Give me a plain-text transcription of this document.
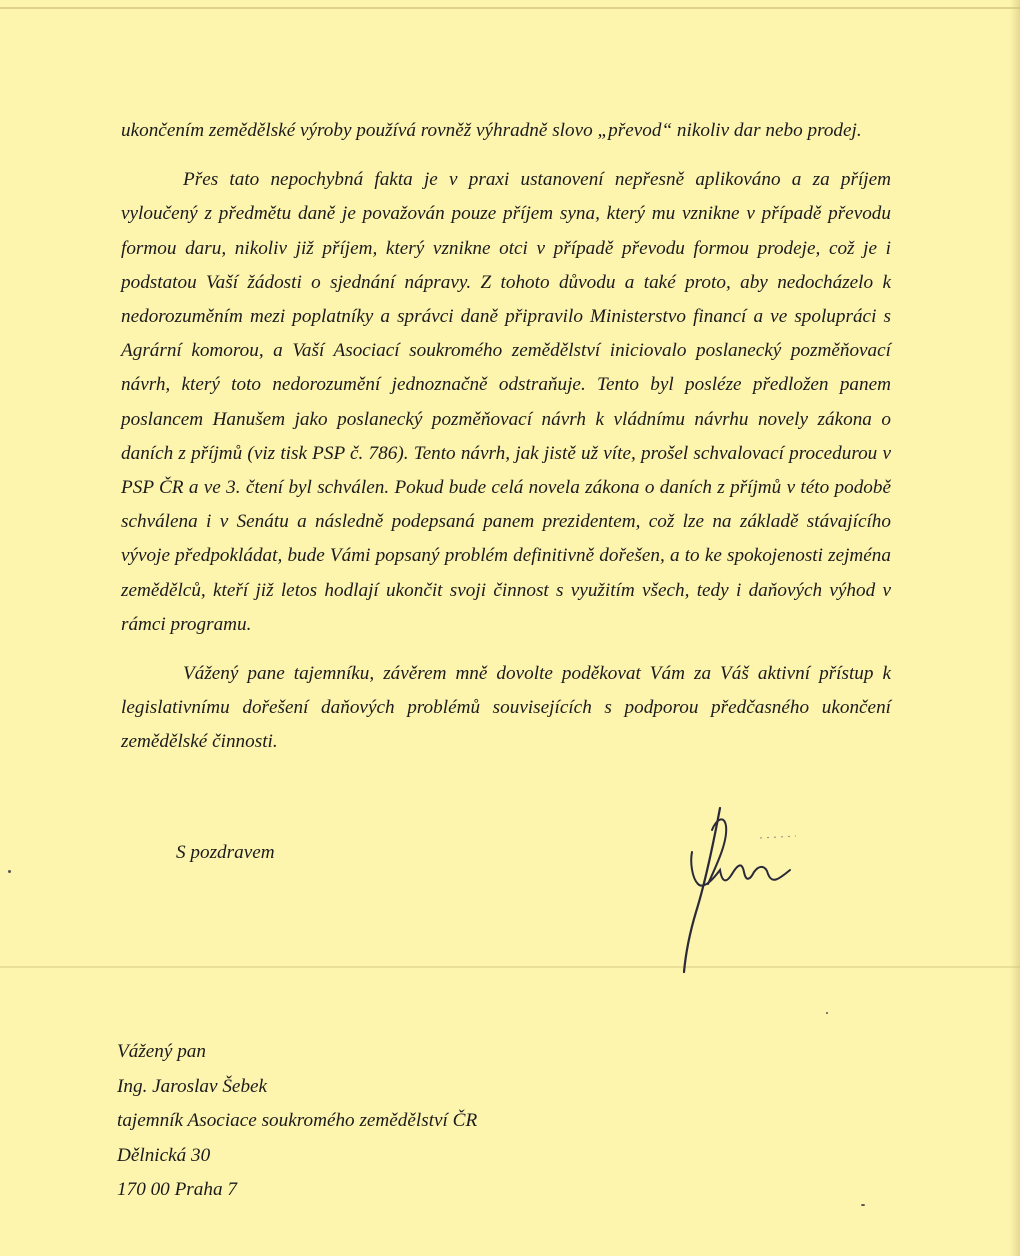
ukončením zemědělské výroby používá rovněž výhradně slovo „převod“ nikoliv dar nebo prodej.

Přes tato nepochybná fakta je v praxi ustanovení nepřesně aplikováno a za příjem vyloučený z předmětu daně je považován pouze příjem syna, který mu vznikne v případě převodu formou daru, nikoliv již příjem, který vznikne otci v případě převodu formou prodeje, což je i podstatou Vaší žádosti o sjednání nápravy. Z tohoto důvodu a také proto, aby nedocházelo k nedorozuměním mezi poplatníky a správci daně připravilo Ministerstvo financí a ve spolupráci s Agrární komorou, a Vaší Asociací soukromého zemědělství iniciovalo poslanecký pozměňovací návrh, který toto nedorozumění jednoznačně odstraňuje. Tento byl posléze předložen panem poslancem Hanušem jako poslanecký pozměňovací návrh k vládnímu návrhu novely zákona o daních z příjmů (viz tisk PSP č. 786). Tento návrh, jak jistě už víte, prošel schvalovací procedurou v PSP ČR a ve 3. čtení byl schválen. Pokud bude celá novela zákona o daních z příjmů v této podobě schválena i v Senátu a následně podepsaná panem prezidentem, což lze na základě stávajícího vývoje předpokládat, bude Vámi popsaný problém definitivně dořešen, a to ke spokojenosti zejména zemědělců, kteří již letos hodlají ukončit svoji činnost s využitím všech, tedy i daňových výhod v rámci programu.

Vážený pane tajemníku, závěrem mně dovolte poděkovat Vám za Váš aktivní přístup k legislativnímu dořešení daňových problémů souvisejících s podporou předčasného ukončení zemědělské činnosti.

S pozdravem

Vážený pan
Ing. Jaroslav Šebek
tajemník Asociace soukromého zemědělství ČR
Dělnická 30
170 00 Praha 7
